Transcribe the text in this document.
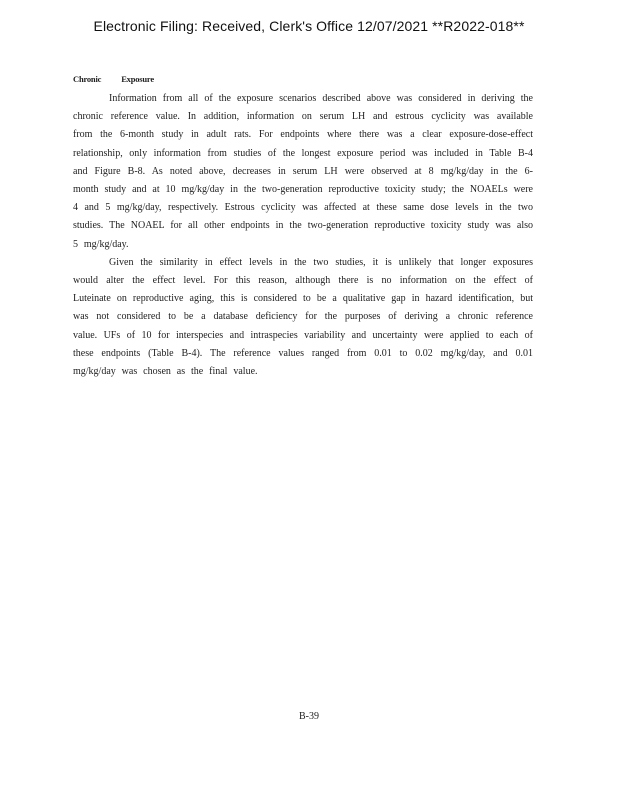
Electronic Filing: Received, Clerk's Office 12/07/2021 **R2022-018**
Chronic Exposure

Information from all of the exposure scenarios described above was considered in deriving the chronic reference value. In addition, information on serum LH and estrous cyclicity was available from the 6-month study in adult rats. For endpoints where there was a clear exposure-dose-effect relationship, only information from studies of the longest exposure period was included in Table B-4 and Figure B-8. As noted above, decreases in serum LH were observed at 8 mg/kg/day in the 6-month study and at 10 mg/kg/day in the two-generation reproductive toxicity study; the NOAELs were 4 and 5 mg/kg/day, respectively. Estrous cyclicity was affected at these same dose levels in the two studies. The NOAEL for all other endpoints in the two-generation reproductive toxicity study was also 5 mg/kg/day.

Given the similarity in effect levels in the two studies, it is unlikely that longer exposures would alter the effect level. For this reason, although there is no information on the effect of Luteinate on reproductive aging, this is considered to be a qualitative gap in hazard identification, but was not considered to be a database deficiency for the purposes of deriving a chronic reference value. UFs of 10 for interspecies and intraspecies variability and uncertainty were applied to each of these endpoints (Table B-4). The reference values ranged from 0.01 to 0.02 mg/kg/day, and 0.01 mg/kg/day was chosen as the final value.

B-39
